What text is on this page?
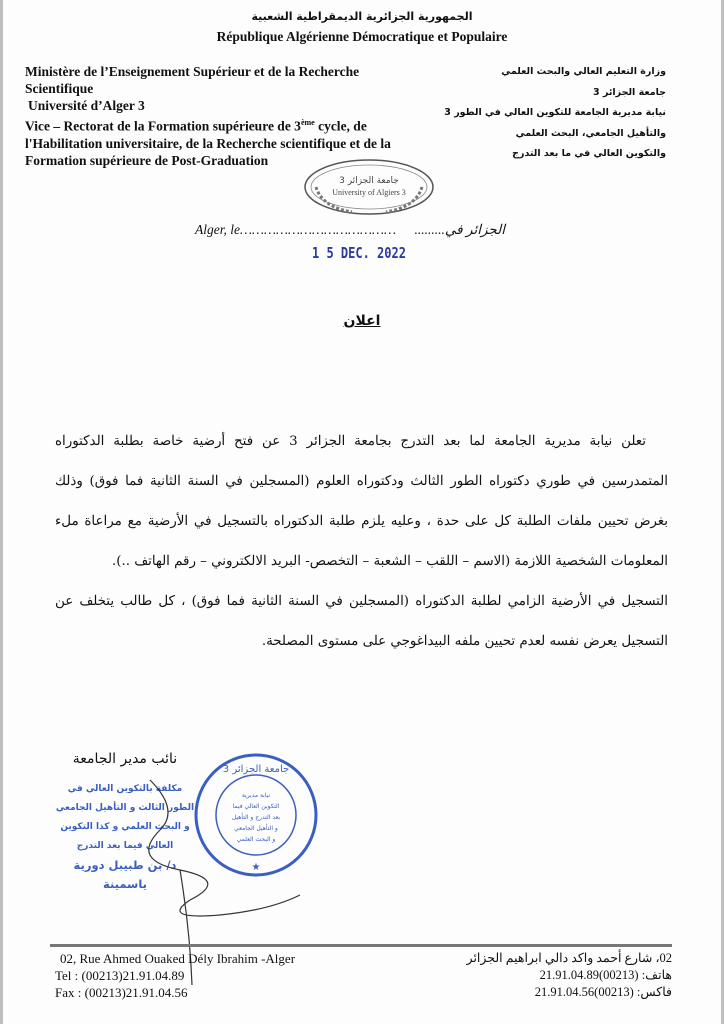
الجمهورية الجزائرية الديمقراطية الشعبية
République Algérienne Démocratique et Populaire
Ministère de l’Enseignement Supérieur et de la Recherche Scientifique
Université d’Alger 3
Vice – Rectorat de la Formation supérieure de 3ème cycle, de l'Habilitation universitaire, de la Recherche scientifique et de la Formation supérieure de Post-Graduation
وزارة التعليم العالي والبحث العلمي
جامعة الجزائر 3
نيابة مديرية الجامعة للتكوين العالي في الطور 3
والتأهيل الجامعي، البحث العلمي
والتكوين العالي في ما بعد التدرج
جامعة الجزائر 3
University of Algiers 3
Alger, le………………………………… الجزائر في.........
1 5 DEC. 2022
اعلان

تعلن نيابة مديرية الجامعة لما بعد التدرج بجامعة الجزائر 3 عن فتح أرضية خاصة بطلبة الدكتوراه المتمدرسين في طوري دكتوراه الطور الثالث ودكتوراه العلوم (المسجلين في السنة الثانية فما فوق) وذلك بغرض تحيين ملفات الطلبة كل على حدة ، وعليه يلزم طلبة الدكتوراه بالتسجيل في الأرضية مع مراعاة ملء المعلومات الشخصية اللازمة (الاسم – اللقب – الشعبة – التخصص- البريد الالكتروني – رقم الهاتف ..).

التسجيل في الأرضية الزامي لطلبة الدكتوراه (المسجلين في السنة الثانية فما فوق) ، كل طالب يتخلف عن التسجيل يعرض نفسه لعدم تحيين ملفه البيداغوجي على مستوى المصلحة.

جامعة الجزائر 3
★
نيابة مديرية
التكوين العالي فيما
بعد التدرج و التأهيل
و التأهيل الجامعي
و البحث العلمي
نائب مدير الجامعة
مكلفة بالتكوين العالي في
الطور الثالث و التأهيل الجامعي
و البحث العلمي و كذا التكوين
العالي فيما بعد التدرج
د/ بن طبيبل دورية ياسمينة
02, Rue Ahmed Ouaked Dély Ibrahim -Alger
Tel : (00213)21.91.04.89
Fax : (00213)21.91.04.56
02، شارع أحمد واكد دالي ابراهيم الجزائر
هاتف: (00213)21.91.04.89
فاكس: (00213)21.91.04.56
